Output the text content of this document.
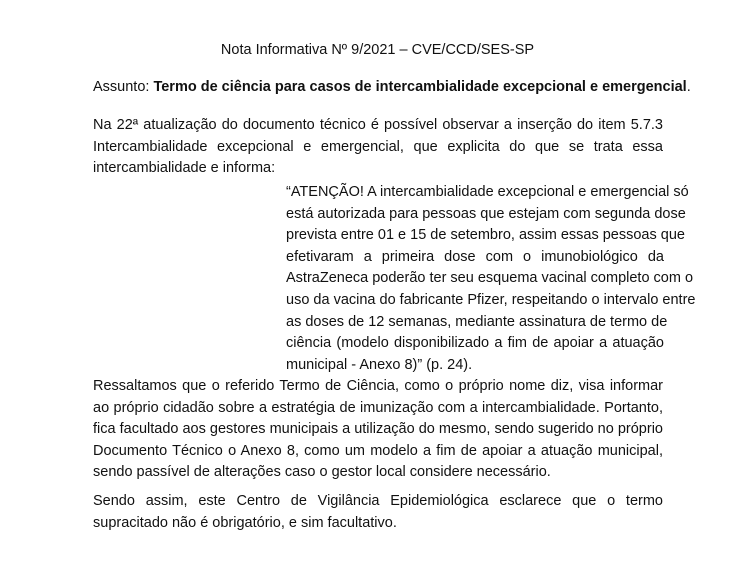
Nota Informativa Nº 9/2021 – CVE/CCD/SES-SP
Assunto: Termo de ciência para casos de intercambialidade excepcional e emergencial.
Na 22ª atualização do documento técnico é possível observar a inserção do item 5.7.3
Intercambialidade excepcional e emergencial, que explicita do que se trata essa
intercambialidade e informa:
“ATENÇÃO! A intercambialidade excepcional e emergencial só
está autorizada para pessoas que estejam com segunda dose
prevista entre 01 e 15 de setembro, assim essas pessoas que
efetivaram a primeira dose com o imunobiológico da
AstraZeneca poderão ter seu esquema vacinal completo com o
uso da vacina do fabricante Pfizer, respeitando o intervalo entre
as doses de 12 semanas, mediante assinatura de termo de
ciência (modelo disponibilizado a fim de apoiar a atuação
municipal - Anexo 8)” (p. 24).
Ressaltamos que o referido Termo de Ciência, como o próprio nome diz, visa informar
ao próprio cidadão sobre a estratégia de imunização com a intercambialidade. Portanto,
fica facultado aos gestores municipais a utilização do mesmo, sendo sugerido no próprio
Documento Técnico o Anexo 8, como um modelo a fim de apoiar a atuação municipal,
sendo passível de alterações caso o gestor local considere necessário.
Sendo assim, este Centro de Vigilância Epidemiológica esclarece que o termo
supracitado não é obrigatório, e sim facultativo.
